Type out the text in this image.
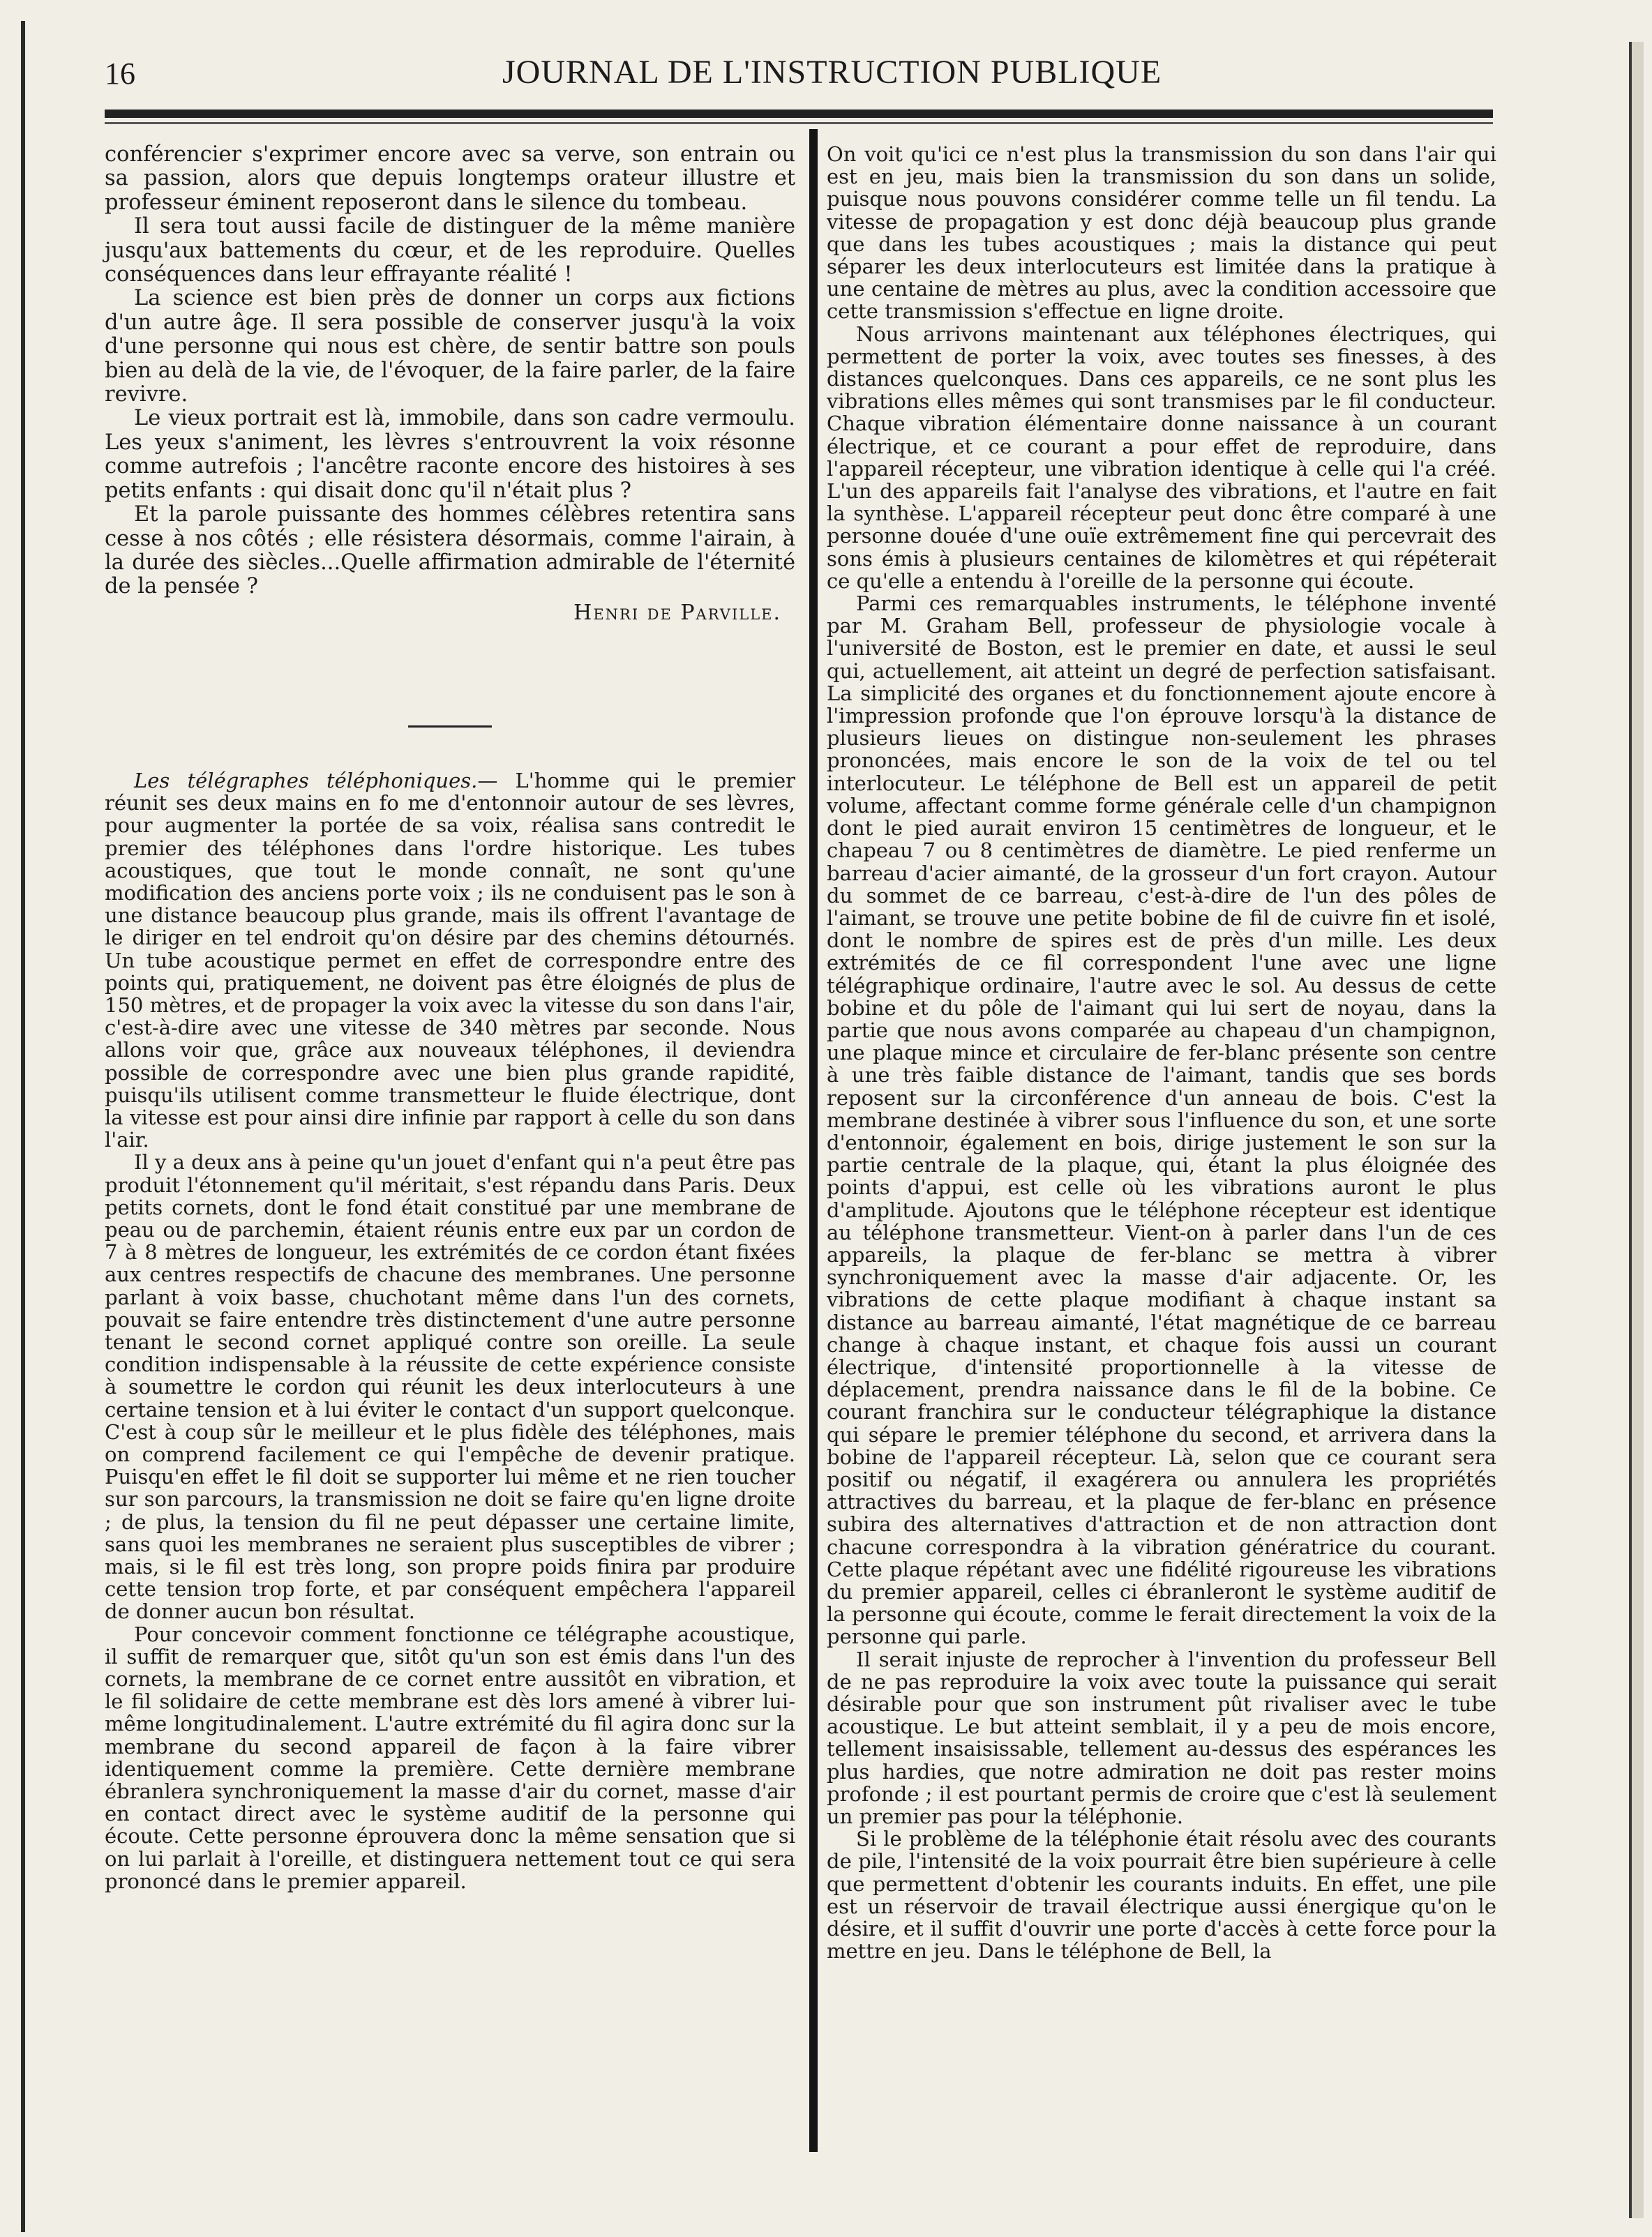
16	JOURNAL DE L'INSTRUCTION PUBLIQUE

conférencier s'exprimer encore avec sa verve, son entrain ou sa passion, alors que depuis longtemps orateur illustre et professeur éminent reposeront dans le silence du tombeau.

Il sera tout aussi facile de distinguer de la même manière jusqu'aux battements du cœur, et de les reproduire. Quelles conséquences dans leur effrayante réalité !

La science est bien près de donner un corps aux fictions d'un autre âge. Il sera possible de conserver jusqu'à la voix d'une personne qui nous est chère, de sentir battre son pouls bien au delà de la vie, de l'évoquer, de la faire parler, de la faire revivre.

Le vieux portrait est là, immobile, dans son cadre vermoulu. Les yeux s'animent, les lèvres s'entrouvrent la voix résonne comme autrefois ; l'ancêtre raconte encore des histoires à ses petits enfants : qui disait donc qu'il n'était plus ?

Et la parole puissante des hommes célèbres retentira sans cesse à nos côtés ; elle résistera désormais, comme l'airain, à la durée des siècles...Quelle affirmation admirable de l'éternité de la pensée ?

Henri de Parville.

Les télégraphes téléphoniques.— L'homme qui le premier réunit ses deux mains en fo me d'entonnoir autour de ses lèvres, pour augmenter la portée de sa voix, réalisa sans contredit le premier des téléphones dans l'ordre historique. Les tubes acoustiques, que tout le monde connaît, ne sont qu'une modification des anciens porte voix ; ils ne conduisent pas le son à une distance beaucoup plus grande, mais ils offrent l'avantage de le diriger en tel endroit qu'on désire par des chemins détournés. Un tube acoustique permet en effet de correspondre entre des points qui, pratiquement, ne doivent pas être éloignés de plus de 150 mètres, et de propager la voix avec la vitesse du son dans l'air, c'est-à-dire avec une vitesse de 340 mètres par seconde. Nous allons voir que, grâce aux nouveaux téléphones, il deviendra possible de correspondre avec une bien plus grande rapidité, puisqu'ils utilisent comme transmetteur le fluide électrique, dont la vitesse est pour ainsi dire infinie par rapport à celle du son dans l'air.

Il y a deux ans à peine qu'un jouet d'enfant qui n'a peut être pas produit l'étonnement qu'il méritait, s'est répandu dans Paris. Deux petits cornets, dont le fond était constitué par une membrane de peau ou de parchemin, étaient réunis entre eux par un cordon de 7 à 8 mètres de longueur, les extrémités de ce cordon étant fixées aux centres respectifs de chacune des membranes. Une personne parlant à voix basse, chuchotant même dans l'un des cornets, pouvait se faire entendre très distinctement d'une autre personne tenant le second cornet appliqué contre son oreille. La seule condition indispensable à la réussite de cette expérience consiste à soumettre le cordon qui réunit les deux interlocuteurs à une certaine tension et à lui éviter le contact d'un support quelconque. C'est à coup sûr le meilleur et le plus fidèle des téléphones, mais on comprend facilement ce qui l'empêche de devenir pratique. Puisqu'en effet le fil doit se supporter lui même et ne rien toucher sur son parcours, la transmission ne doit se faire qu'en ligne droite ; de plus, la tension du fil ne peut dépasser une certaine limite, sans quoi les membranes ne seraient plus susceptibles de vibrer ; mais, si le fil est très long, son propre poids finira par produire cette tension trop forte, et par conséquent empêchera l'appareil de donner aucun bon résultat.

Pour concevoir comment fonctionne ce télégraphe acoustique, il suffit de remarquer que, sitôt qu'un son est émis dans l'un des cornets, la membrane de ce cornet entre aussitôt en vibration, et le fil solidaire de cette membrane est dès lors amené à vibrer lui-même longitudinalement. L'autre extrémité du fil agira donc sur la membrane du second appareil de façon à la faire vibrer identiquement comme la première. Cette dernière membrane ébranlera synchroniquement la masse d'air du cornet, masse d'air en contact direct avec le système auditif de la personne qui écoute. Cette personne éprouvera donc la même sensation que si on lui parlait à l'oreille, et distinguera nettement tout ce qui sera prononcé dans le premier appareil.

On voit qu'ici ce n'est plus la transmission du son dans l'air qui est en jeu, mais bien la transmission du son dans un solide, puisque nous pouvons considérer comme telle un fil tendu. La vitesse de propagation y est donc déjà beaucoup plus grande que dans les tubes acoustiques ; mais la distance qui peut séparer les deux interlocuteurs est limitée dans la pratique à une centaine de mètres au plus, avec la condition accessoire que cette transmission s'effectue en ligne droite.

Nous arrivons maintenant aux téléphones électriques, qui permettent de porter la voix, avec toutes ses finesses, à des distances quelconques. Dans ces appareils, ce ne sont plus les vibrations elles mêmes qui sont transmises par le fil conducteur. Chaque vibration élémentaire donne naissance à un courant électrique, et ce courant a pour effet de reproduire, dans l'appareil récepteur, une vibration identique à celle qui l'a créé. L'un des appareils fait l'analyse des vibrations, et l'autre en fait la synthèse. L'appareil récepteur peut donc être comparé à une personne douée d'une ouïe extrêmement fine qui percevrait des sons émis à plusieurs centaines de kilomètres et qui répéterait ce qu'elle a entendu à l'oreille de la personne qui écoute.

Parmi ces remarquables instruments, le téléphone inventé par M. Graham Bell, professeur de physiologie vocale à l'université de Boston, est le premier en date, et aussi le seul qui, actuellement, ait atteint un degré de perfection satisfaisant. La simplicité des organes et du fonctionnement ajoute encore à l'impression profonde que l'on éprouve lorsqu'à la distance de plusieurs lieues on distingue non-seulement les phrases prononcées, mais encore le son de la voix de tel ou tel interlocuteur. Le téléphone de Bell est un appareil de petit volume, affectant comme forme générale celle d'un champignon dont le pied aurait environ 15 centimètres de longueur, et le chapeau 7 ou 8 centimètres de diamètre. Le pied renferme un barreau d'acier aimanté, de la grosseur d'un fort crayon. Autour du sommet de ce barreau, c'est-à-dire de l'un des pôles de l'aimant, se trouve une petite bobine de fil de cuivre fin et isolé, dont le nombre de spires est de près d'un mille. Les deux extrémités de ce fil correspondent l'une avec une ligne télégraphique ordinaire, l'autre avec le sol. Au dessus de cette bobine et du pôle de l'aimant qui lui sert de noyau, dans la partie que nous avons comparée au chapeau d'un champignon, une plaque mince et circulaire de fer-blanc présente son centre à une très faible distance de l'aimant, tandis que ses bords reposent sur la circonférence d'un anneau de bois. C'est la membrane destinée à vibrer sous l'influence du son, et une sorte d'entonnoir, également en bois, dirige justement le son sur la partie centrale de la plaque, qui, étant la plus éloignée des points d'appui, est celle où les vibrations auront le plus d'amplitude. Ajoutons que le téléphone récepteur est identique au téléphone transmetteur. Vient-on à parler dans l'un de ces appareils, la plaque de fer-blanc se mettra à vibrer synchroniquement avec la masse d'air adjacente. Or, les vibrations de cette plaque modifiant à chaque instant sa distance au barreau aimanté, l'état magnétique de ce barreau change à chaque instant, et chaque fois aussi un courant électrique, d'intensité proportionnelle à la vitesse de déplacement, prendra naissance dans le fil de la bobine. Ce courant franchira sur le conducteur télégraphique la distance qui sépare le premier téléphone du second, et arrivera dans la bobine de l'appareil récepteur. Là, selon que ce courant sera positif ou négatif, il exagérera ou annulera les propriétés attractives du barreau, et la plaque de fer-blanc en présence subira des alternatives d'attraction et de non attraction dont chacune correspondra à la vibration génératrice du courant. Cette plaque répétant avec une fidélité rigoureuse les vibrations du premier appareil, celles ci ébranleront le système auditif de la personne qui écoute, comme le ferait directement la voix de la personne qui parle.

Il serait injuste de reprocher à l'invention du professeur Bell de ne pas reproduire la voix avec toute la puissance qui serait désirable pour que son instrument pût rivaliser avec le tube acoustique. Le but atteint semblait, il y a peu de mois encore, tellement insaisissable, tellement au-dessus des espérances les plus hardies, que notre admiration ne doit pas rester moins profonde ; il est pourtant permis de croire que c'est là seulement un premier pas pour la téléphonie.

Si le problème de la téléphonie était résolu avec des courants de pile, l'intensité de la voix pourrait être bien supérieure à celle que permettent d'obtenir les courants induits. En effet, une pile est un réservoir de travail électrique aussi énergique qu'on le désire, et il suffit d'ouvrir une porte d'accès à cette force pour la mettre en jeu. Dans le téléphone de Bell, la
